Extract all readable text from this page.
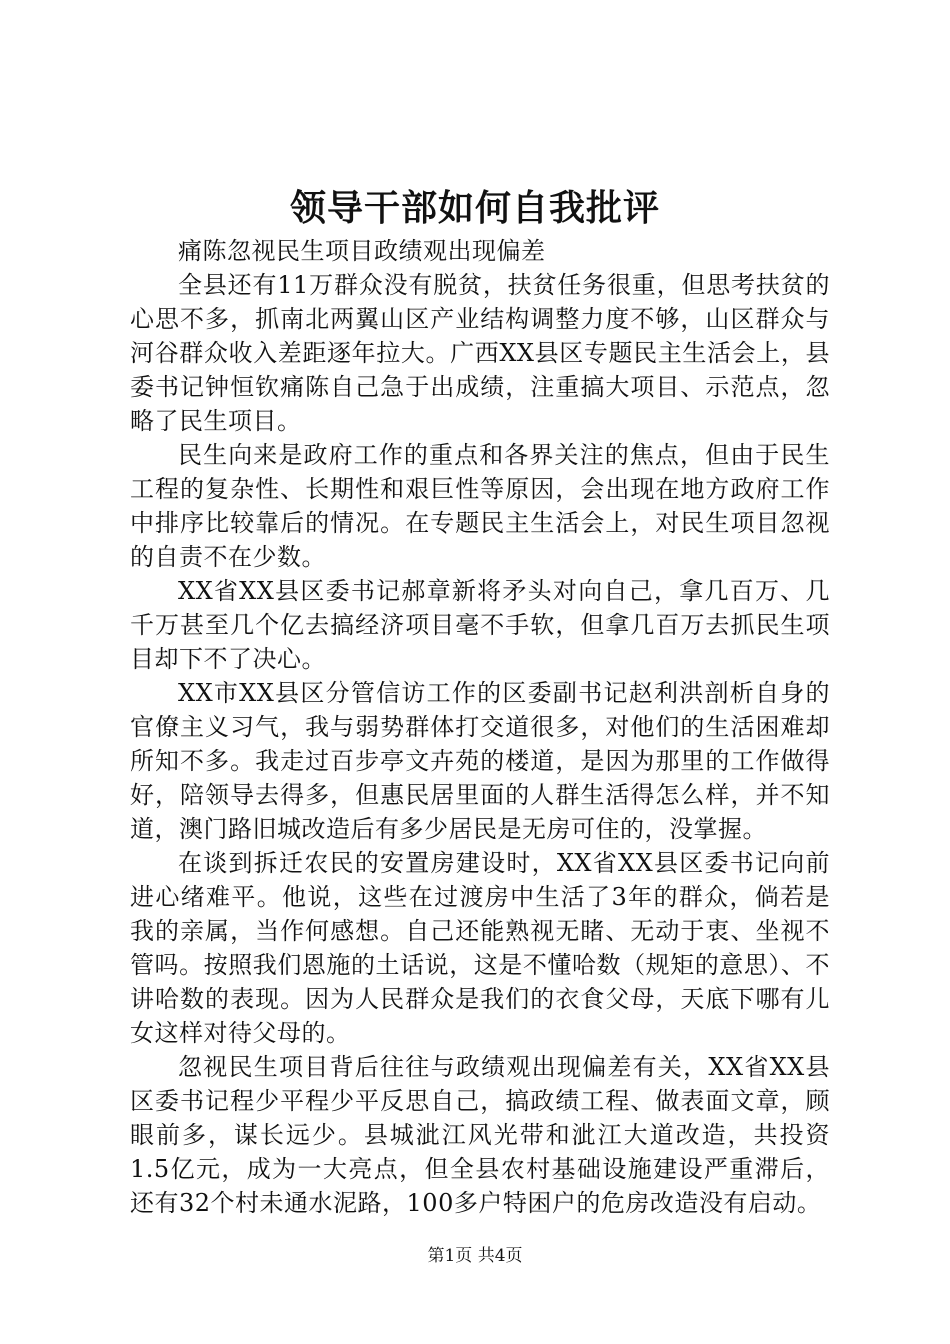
领导干部如何自我批评

痛陈忽视民生项目政绩观出现偏差

全县还有11万群众没有脱贫，扶贫任务很重，但思考扶贫的心思不多，抓南北两翼山区产业结构调整力度不够，山区群众与河谷群众收入差距逐年拉大。广西XX县区专题民主生活会上，县委书记钟恒钦痛陈自己急于出成绩，注重搞大项目、示范点，忽略了民生项目。

民生向来是政府工作的重点和各界关注的焦点，但由于民生工程的复杂性、长期性和艰巨性等原因，会出现在地方政府工作中排序比较靠后的情况。在专题民主生活会上，对民生项目忽视的自责不在少数。

XX省XX县区委书记郝章新将矛头对向自己，拿几百万、几千万甚至几个亿去搞经济项目毫不手软，但拿几百万去抓民生项目却下不了决心。

XX市XX县区分管信访工作的区委副书记赵利洪剖析自身的官僚主义习气，我与弱势群体打交道很多，对他们的生活困难却所知不多。我走过百步亭文卉苑的楼道，是因为那里的工作做得好，陪领导去得多，但惠民居里面的人群生活得怎么样，并不知道，澳门路旧城改造后有多少居民是无房可住的，没掌握。

在谈到拆迁农民的安置房建设时，XX省XX县区委书记向前进心绪难平。他说，这些在过渡房中生活了3年的群众，倘若是我的亲属，当作何感想。自己还能熟视无睹、无动于衷、坐视不管吗。按照我们恩施的土话说，这是不懂哈数（规矩的意思）、不讲哈数的表现。因为人民群众是我们的衣食父母，天底下哪有儿女这样对待父母的。

忽视民生项目背后往往与政绩观出现偏差有关，XX省XX县区委书记程少平程少平反思自己，搞政绩工程、做表面文章，顾眼前多，谋长远少。县城泚江风光带和泚江大道改造，共投资1.5亿元，成为一大亮点，但全县农村基础设施建设严重滞后，还有32个村未通水泥路，100多户特困户的危房改造没有启动。

第1页 共4页
